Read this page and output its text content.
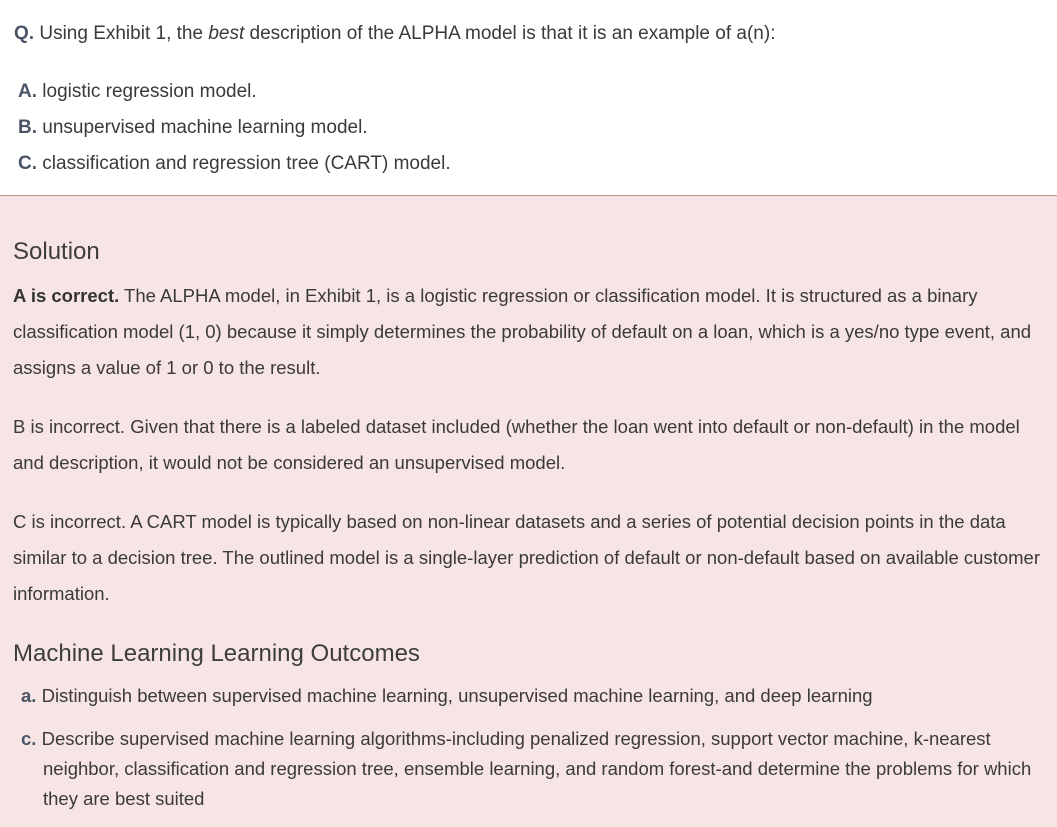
Q. Using Exhibit 1, the best description of the ALPHA model is that it is an example of a(n):
A. logistic regression model.
B. unsupervised machine learning model.
C. classification and regression tree (CART) model.
Solution
A is correct. The ALPHA model, in Exhibit 1, is a logistic regression or classification model. It is structured as a binary classification model (1, 0) because it simply determines the probability of default on a loan, which is a yes/no type event, and assigns a value of 1 or 0 to the result.
B is incorrect. Given that there is a labeled dataset included (whether the loan went into default or non-default) in the model and description, it would not be considered an unsupervised model.
C is incorrect. A CART model is typically based on non-linear datasets and a series of potential decision points in the data similar to a decision tree. The outlined model is a single-layer prediction of default or non-default based on available customer information.
Machine Learning Learning Outcomes
a. Distinguish between supervised machine learning, unsupervised machine learning, and deep learning
c. Describe supervised machine learning algorithms-including penalized regression, support vector machine, k-nearest neighbor, classification and regression tree, ensemble learning, and random forest-and determine the problems for which they are best suited
